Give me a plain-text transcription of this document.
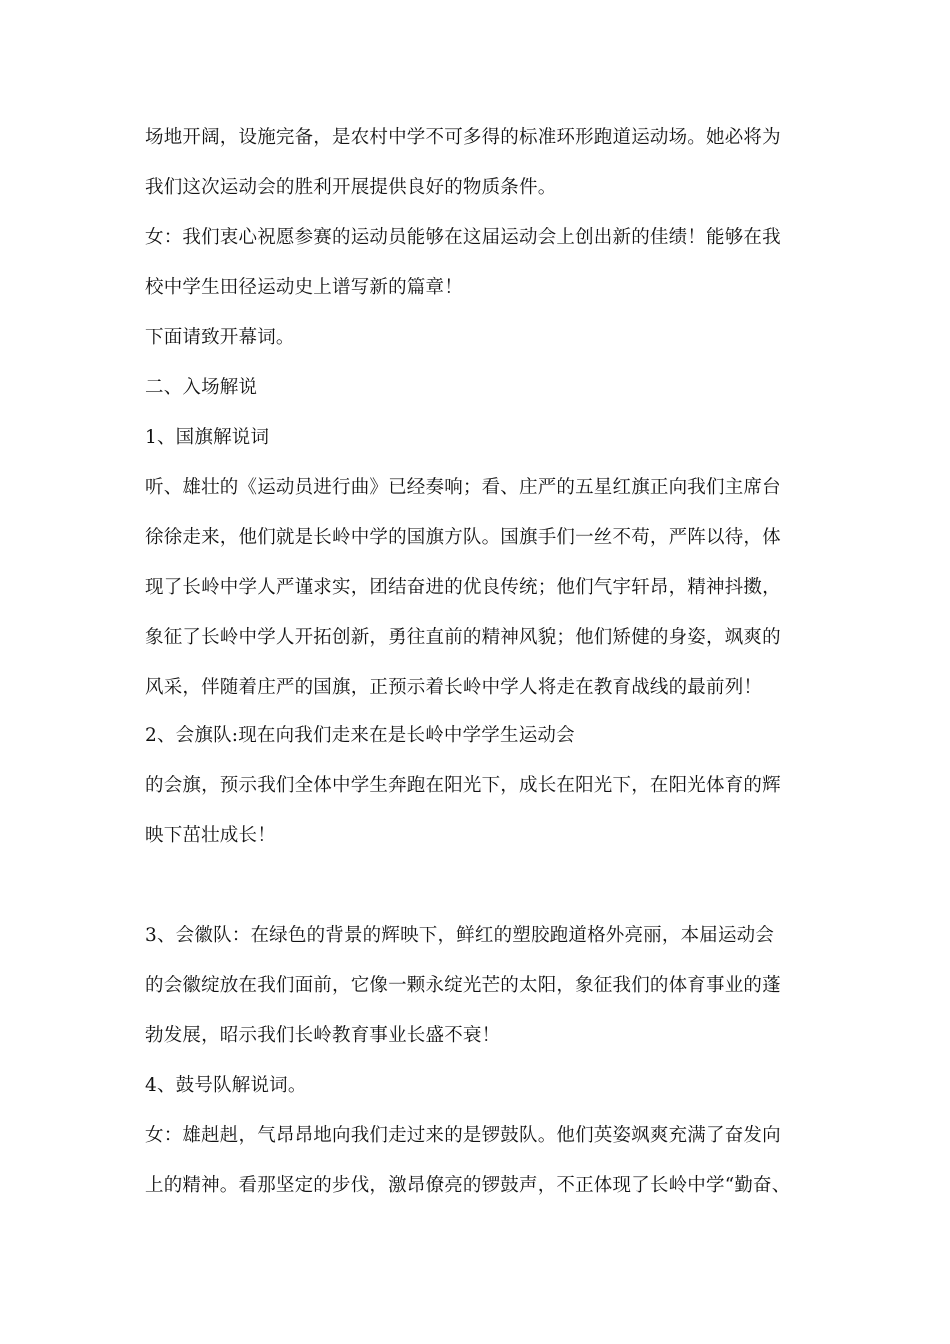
场地开阔，设施完备，是农村中学不可多得的标准环形跑道运动场。她必将为
我们这次运动会的胜利开展提供良好的物质条件。
女：我们衷心祝愿参赛的运动员能够在这届运动会上创出新的佳绩！能够在我
校中学生田径运动史上谱写新的篇章！
下面请致开幕词。
二、入场解说
1、国旗解说词
听、雄壮的《运动员进行曲》已经奏响；看、庄严的五星红旗正向我们主席台
徐徐走来，他们就是长岭中学的国旗方队。国旗手们一丝不苟，严阵以待，体
现了长岭中学人严谨求实，团结奋进的优良传统；他们气宇轩昂，精神抖擞，
象征了长岭中学人开拓创新，勇往直前的精神风貌；他们矫健的身姿，飒爽的
风采，伴随着庄严的国旗，正预示着长岭中学人将走在教育战线的最前列！
2、会旗队:现在向我们走来在是长岭中学学生运动会
的会旗，预示我们全体中学生奔跑在阳光下，成长在阳光下，在阳光体育的辉
映下茁壮成长！
3、会徽队：在绿色的背景的辉映下，鲜红的塑胶跑道格外亮丽，本届运动会
的会徽绽放在我们面前，它像一颗永绽光芒的太阳，象征我们的体育事业的蓬
勃发展，昭示我们长岭教育事业长盛不衰！
4、鼓号队解说词。
女：雄赳赳，气昂昂地向我们走过来的是锣鼓队。他们英姿飒爽充满了奋发向
上的精神。看那坚定的步伐，激昂僚亮的锣鼓声，不正体现了长岭中学“勤奋、
